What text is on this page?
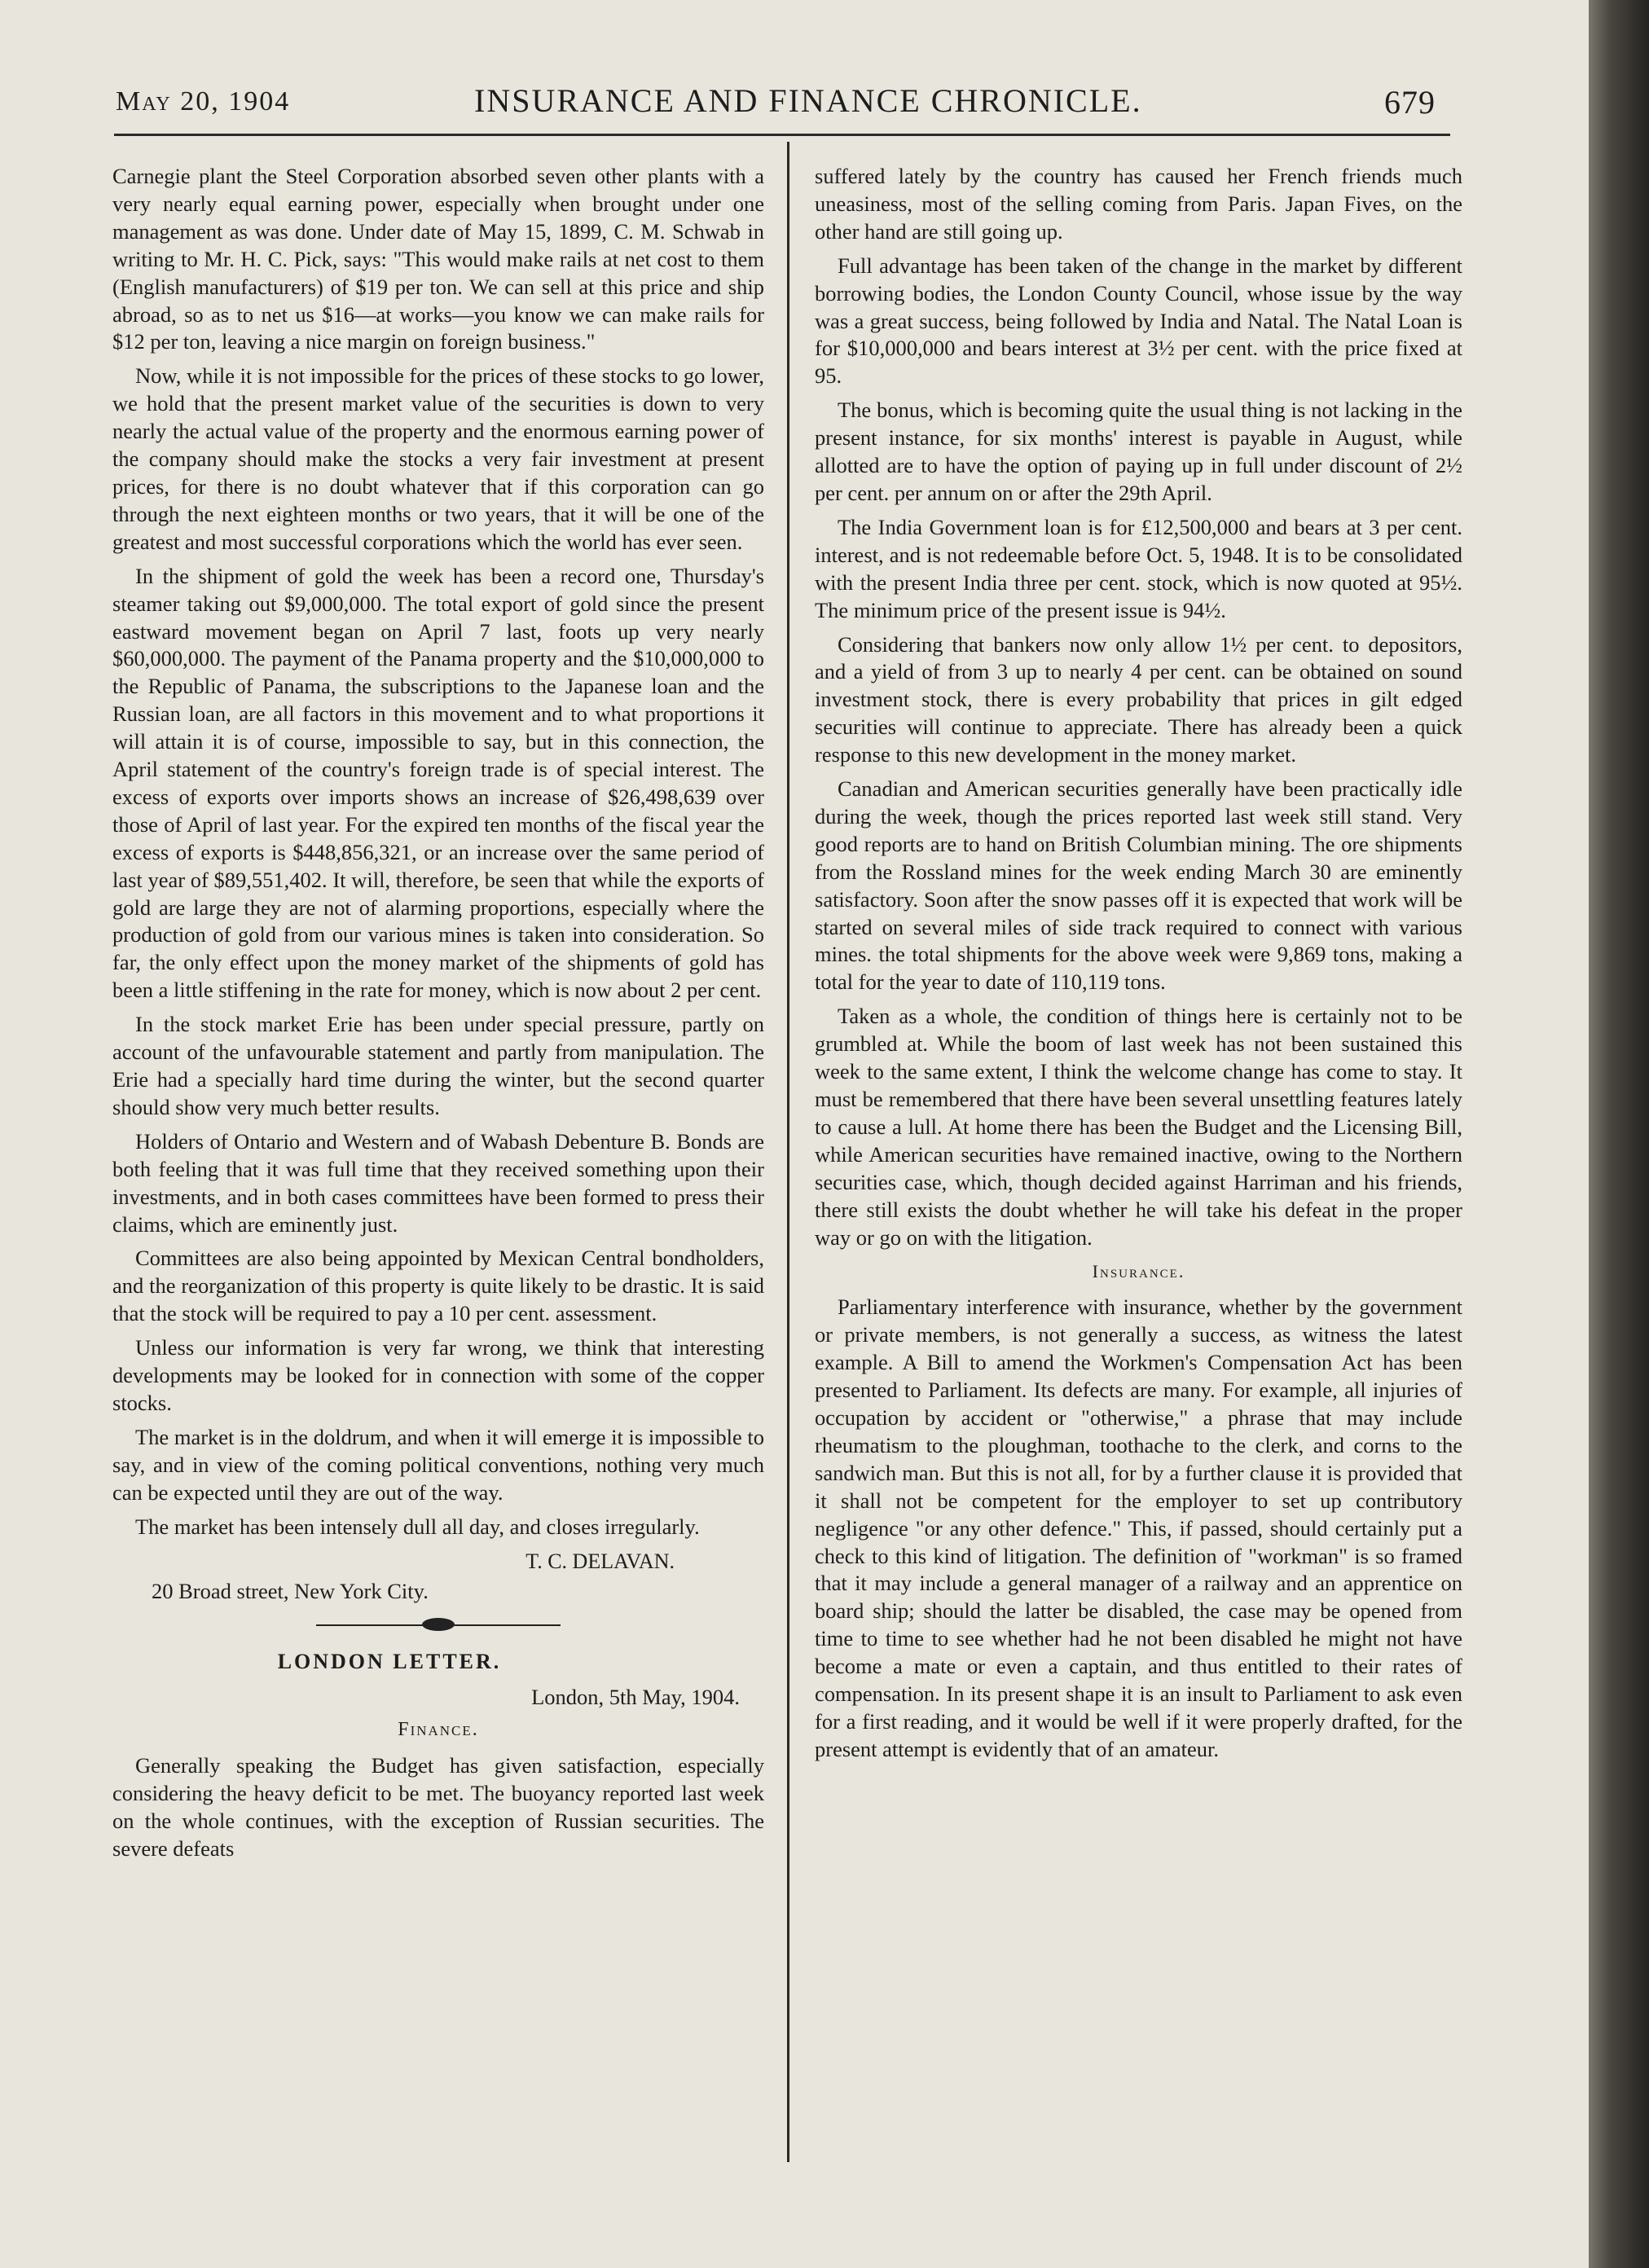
May 20, 1904	INSURANCE AND FINANCE CHRONICLE.	679

Carnegie plant the Steel Corporation absorbed seven other plants with a very nearly equal earning power, especially when brought under one management as was done. Under date of May 15, 1899, C. M. Schwab in writing to Mr. H. C. Pick, says: "This would make rails at net cost to them (English manufacturers) of $19 per ton. We can sell at this price and ship abroad, so as to net us $16—at works—you know we can make rails for $12 per ton, leaving a nice margin on foreign business."

Now, while it is not impossible for the prices of these stocks to go lower, we hold that the present market value of the securities is down to very nearly the actual value of the property and the enormous earning power of the company should make the stocks a very fair investment at present prices, for there is no doubt whatever that if this corporation can go through the next eighteen months or two years, that it will be one of the greatest and most successful corporations which the world has ever seen.

In the shipment of gold the week has been a record one, Thursday's steamer taking out $9,000,000. The total export of gold since the present eastward movement began on April 7 last, foots up very nearly $60,000,000. The payment of the Panama property and the $10,000,000 to the Republic of Panama, the subscriptions to the Japanese loan and the Russian loan, are all factors in this movement and to what proportions it will attain it is of course, impossible to say, but in this connection, the April statement of the country's foreign trade is of special interest. The excess of exports over imports shows an increase of $26,498,639 over those of April of last year. For the expired ten months of the fiscal year the excess of exports is $448,856,321, or an increase over the same period of last year of $89,551,402. It will, therefore, be seen that while the exports of gold are large they are not of alarming proportions, especially where the production of gold from our various mines is taken into consideration. So far, the only effect upon the money market of the shipments of gold has been a little stiffening in the rate for money, which is now about 2 per cent.

In the stock market Erie has been under special pressure, partly on account of the unfavourable statement and partly from manipulation. The Erie had a specially hard time during the winter, but the second quarter should show very much better results.

Holders of Ontario and Western and of Wabash Debenture B. Bonds are both feeling that it was full time that they received something upon their investments, and in both cases committees have been formed to press their claims, which are eminently just.

Committees are also being appointed by Mexican Central bondholders, and the reorganization of this property is quite likely to be drastic. It is said that the stock will be required to pay a 10 per cent. assessment.

Unless our information is very far wrong, we think that interesting developments may be looked for in connection with some of the copper stocks.

The market is in the doldrum, and when it will emerge it is impossible to say, and in view of the coming political conventions, nothing very much can be expected until they are out of the way.

The market has been intensely dull all day, and closes irregularly.

T. C. DELAVAN.
20 Broad street, New York City.
LONDON LETTER.
London, 5th May, 1904.
Finance.

Generally speaking the Budget has given satisfaction, especially considering the heavy deficit to be met. The buoyancy reported last week on the whole continues, with the exception of Russian securities. The severe defeats

suffered lately by the country has caused her French friends much uneasiness, most of the selling coming from Paris. Japan Fives, on the other hand are still going up.

Full advantage has been taken of the change in the market by different borrowing bodies, the London County Council, whose issue by the way was a great success, being followed by India and Natal. The Natal Loan is for $10,000,000 and bears interest at 3½ per cent. with the price fixed at 95.

The bonus, which is becoming quite the usual thing is not lacking in the present instance, for six months' interest is payable in August, while allotted are to have the option of paying up in full under discount of 2½ per cent. per annum on or after the 29th April.

The India Government loan is for £12,500,000 and bears at 3 per cent. interest, and is not redeemable before Oct. 5, 1948. It is to be consolidated with the present India three per cent. stock, which is now quoted at 95½. The minimum price of the present issue is 94½.

Considering that bankers now only allow 1½ per cent. to depositors, and a yield of from 3 up to nearly 4 per cent. can be obtained on sound investment stock, there is every probability that prices in gilt edged securities will continue to appreciate. There has already been a quick response to this new development in the money market.

Canadian and American securities generally have been practically idle during the week, though the prices reported last week still stand. Very good reports are to hand on British Columbian mining. The ore shipments from the Rossland mines for the week ending March 30 are eminently satisfactory. Soon after the snow passes off it is expected that work will be started on several miles of side track required to connect with various mines. the total shipments for the above week were 9,869 tons, making a total for the year to date of 110,119 tons.

Taken as a whole, the condition of things here is certainly not to be grumbled at. While the boom of last week has not been sustained this week to the same extent, I think the welcome change has come to stay. It must be remembered that there have been several unsettling features lately to cause a lull. At home there has been the Budget and the Licensing Bill, while American securities have remained inactive, owing to the Northern securities case, which, though decided against Harriman and his friends, there still exists the doubt whether he will take his defeat in the proper way or go on with the litigation.

Insurance.

Parliamentary interference with insurance, whether by the government or private members, is not generally a success, as witness the latest example. A Bill to amend the Workmen's Compensation Act has been presented to Parliament. Its defects are many. For example, all injuries of occupation by accident or "otherwise," a phrase that may include rheumatism to the ploughman, toothache to the clerk, and corns to the sandwich man. But this is not all, for by a further clause it is provided that it shall not be competent for the employer to set up contributory negligence "or any other defence." This, if passed, should certainly put a check to this kind of litigation. The definition of "workman" is so framed that it may include a general manager of a railway and an apprentice on board ship; should the latter be disabled, the case may be opened from time to time to see whether had he not been disabled he might not have become a mate or even a captain, and thus entitled to their rates of compensation. In its present shape it is an insult to Parliament to ask even for a first reading, and it would be well if it were properly drafted, for the present attempt is evidently that of an amateur.
